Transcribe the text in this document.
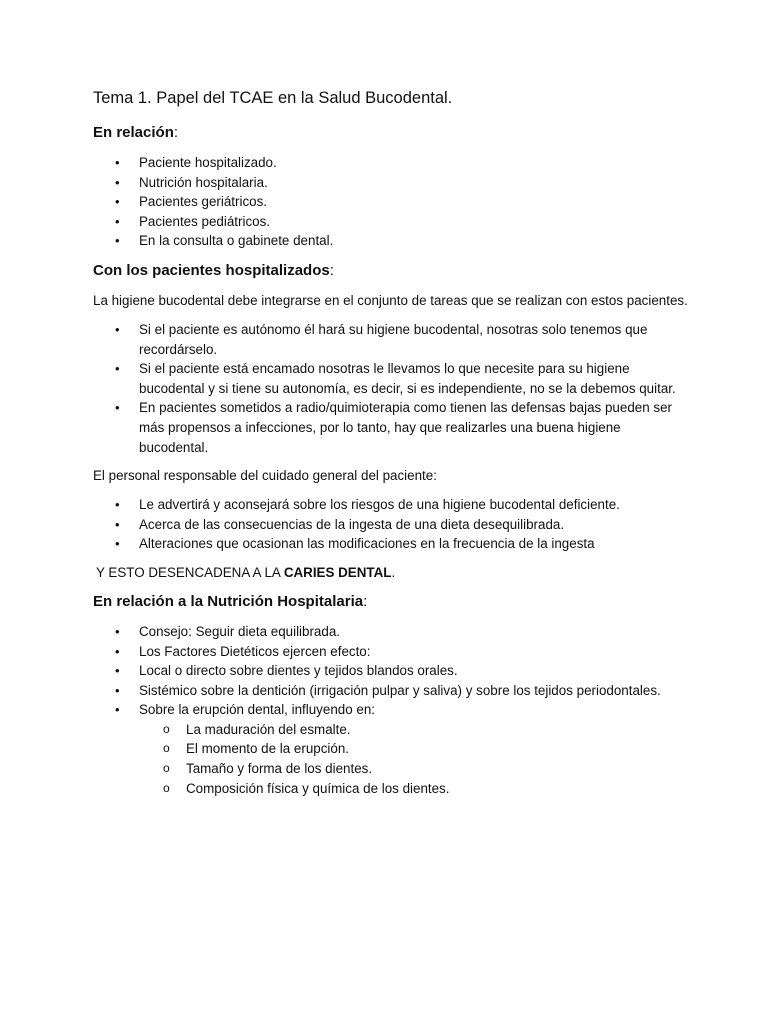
Tema 1. Papel del TCAE en la Salud Bucodental.
En relación:
• Paciente hospitalizado.
• Nutrición hospitalaria.
• Pacientes geriátricos.
• Pacientes pediátricos.
• En la consulta o gabinete dental.
Con los pacientes hospitalizados:

La higiene bucodental debe integrarse en el conjunto de tareas que se realizan con estos pacientes.

• Si el paciente es autónomo él hará su higiene bucodental, nosotras solo tenemos que recordárselo.
• Si el paciente está encamado nosotras le llevamos lo que necesite para su higiene bucodental y si tiene su autonomía, es decir, si es independiente, no se la debemos quitar.
• En pacientes sometidos a radio/quimioterapia como tienen las defensas bajas pueden ser más propensos a infecciones, por lo tanto, hay que realizarles una buena higiene bucodental.

El personal responsable del cuidado general del paciente:

• Le advertirá y aconsejará sobre los riesgos de una higiene bucodental deficiente.
• Acerca de las consecuencias de la ingesta de una dieta desequilibrada.
• Alteraciones que ocasionan las modificaciones en la frecuencia de la ingesta

Y ESTO DESENCADENA A LA CARIES DENTAL.

En relación a la Nutrición Hospitalaria:
• Consejo: Seguir dieta equilibrada.
• Los Factores Dietéticos ejercen efecto:
• Local o directo sobre dientes y tejidos blandos orales.
• Sistémico sobre la dentición (irrigación pulpar y saliva) y sobre los tejidos periodontales.
• Sobre la erupción dental, influyendo en:
o La maduración del esmalte.
o El momento de la erupción.
o Tamaño y forma de los dientes.
o Composición física y química de los dientes.
